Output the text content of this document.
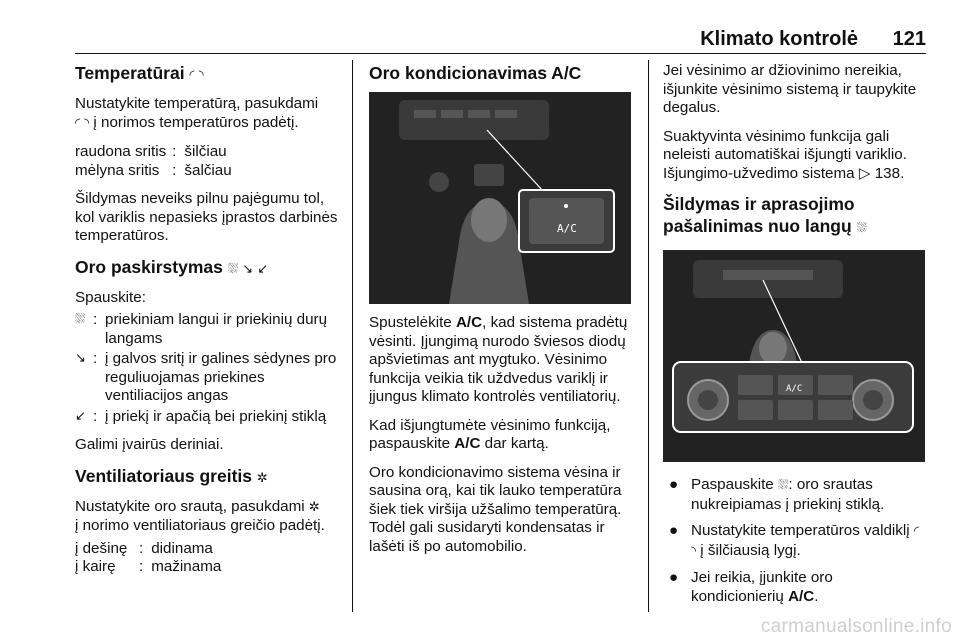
Klimato kontrolė 121
Temperatūrai ◜ ◝

Nustatykite temperatūrą, pasukdami
◜ ◝ į norimos temperatūros padėtį.

raudona sritis	:	šilčiau
mėlyna sritis	:	šalčiau

Šildymas neveiks pilnu pajėgumu tol, kol variklis nepasieks įprastos darbinės temperatūros.

Oro paskirstymas ⛆ ↘ ↙

Spauskite:

⛆ : priekiniam langui ir priekinių durų langams
↘ : į galvos sritį ir galines sėdynes pro reguliuojamas priekines ventiliacijos angas
↙ : į priekį ir apačią bei priekinį stiklą

Galimi įvairūs deriniai.

Ventiliatoriaus greitis ✲

Nustatykite oro srautą, pasukdami ✲
į norimo ventiliatoriaus greičio padėtį.

į dešinę	:	didinama
į kairę	:	mažinama
Oro kondicionavimas A/C
A/C

Spustelėkite A/C, kad sistema pradėtų vėsinti. Įjungimą nurodo šviesos diodų apšvietimas ant mygtuko. Vėsinimo funkcija veikia tik uždvedus variklį ir įjungus klimato kontrolės ventiliatorių.

Kad išjungtumėte vėsinimo funkciją, paspauskite A/C dar kartą.

Oro kondicionavimo sistema vėsina ir sausina orą, kai tik lauko temperatūra šiek tiek viršija užšalimo temperatūrą. Todėl gali susidaryti kondensatas ir lašėti iš po automobilio.

Jei vėsinimo ar džiovinimo nereikia, išjunkite vėsinimo sistemą ir taupykite degalus.

Suaktyvinta vėsinimo funkcija gali neleisti automatiškai išjungti variklio. Išjungimo-užvedimo sistema ▷ 138.

Šildymas ir aprasojimo pašalinimas nuo langų ⛆
A/C
● Paspauskite ⛆: oro srautas nukreipiamas į priekinį stiklą.
● Nustatykite temperatūros valdiklį ◜ ◝ į šilčiausią lygį.
● Jei reikia, įjunkite oro kondicionierių A/C.
carmanualsonline.info
